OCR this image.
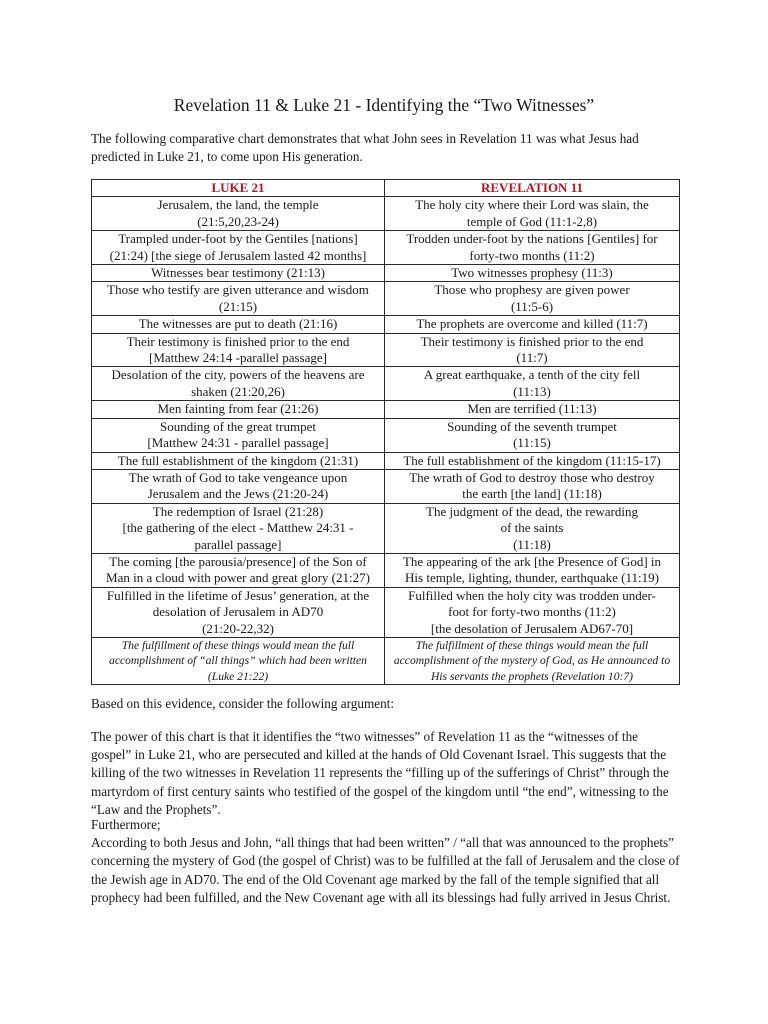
Revelation 11 & Luke 21 - Identifying the “Two Witnesses”
The following comparative chart demonstrates that what John sees in Revelation 11 was what Jesus had predicted in Luke 21, to come upon His generation.
LUKE 21	REVELATION 11

Jerusalem, the land, the temple
(21:5,20,23-24)	The holy city where their Lord was slain, the
temple of God (11:1-2,8)

Trampled under-foot by the Gentiles [nations]
(21:24) [the siege of Jerusalem lasted 42 months]	Trodden under-foot by the nations [Gentiles] for
forty-two months (11:2)

Witnesses bear testimony (21:13)	Two witnesses prophesy (11:3)

Those who testify are given utterance and wisdom
(21:15)	Those who prophesy are given power
(11:5-6)

The witnesses are put to death (21:16)	The prophets are overcome and killed (11:7)

Their testimony is finished prior to the end
[Matthew 24:14 -parallel passage]	Their testimony is finished prior to the end
(11:7)

Desolation of the city, powers of the heavens are
shaken (21:20,26)	A great earthquake, a tenth of the city fell
(11:13)

Men fainting from fear (21:26)	Men are terrified (11:13)

Sounding of the great trumpet
[Matthew 24:31 - parallel passage]	Sounding of the seventh trumpet
(11:15)

The full establishment of the kingdom (21:31)	The full establishment of the kingdom (11:15-17)

The wrath of God to take vengeance upon
Jerusalem and the Jews (21:20-24)	The wrath of God to destroy those who destroy
the earth [the land] (11:18)

The redemption of Israel (21:28)
[the gathering of the elect - Matthew 24:31 -
parallel passage]	The judgment of the dead, the rewarding
of the saints
(11:18)

The coming [the parousia/presence] of the Son of
Man in a cloud with power and great glory (21:27)	The appearing of the ark [the Presence of God] in
His temple, lighting, thunder, earthquake (11:19)

Fulfilled in the lifetime of Jesus’ generation, at the
desolation of Jerusalem in AD70
(21:20-22,32)	Fulfilled when the holy city was trodden under-
foot for forty-two months (11:2)
[the desolation of Jerusalem AD67-70]

The fulfillment of these things would mean the full
accomplishment of “all things” which had been written
(Luke 21:22)	The fulfillment of these things would mean the full
accomplishment of the mystery of God, as He announced to
His servants the prophets (Revelation 10:7)
Based on this evidence, consider the following argument:
The power of this chart is that it identifies the “two witnesses” of Revelation 11 as the “witnesses of the gospel” in Luke 21, who are persecuted and killed at the hands of Old Covenant Israel. This suggests that the killing of the two witnesses in Revelation 11 represents the “filling up of the sufferings of Christ” through the martyrdom of first century saints who testified of the gospel of the kingdom until “the end”, witnessing to the “Law and the Prophets”.
Furthermore;
According to both Jesus and John, “all things that had been written” / “all that was announced to the prophets” concerning the mystery of God (the gospel of Christ) was to be fulfilled at the fall of Jerusalem and the close of the Jewish age in AD70. The end of the Old Covenant age marked by the fall of the temple signified that all prophecy had been fulfilled, and the New Covenant age with all its blessings had fully arrived in Jesus Christ.
